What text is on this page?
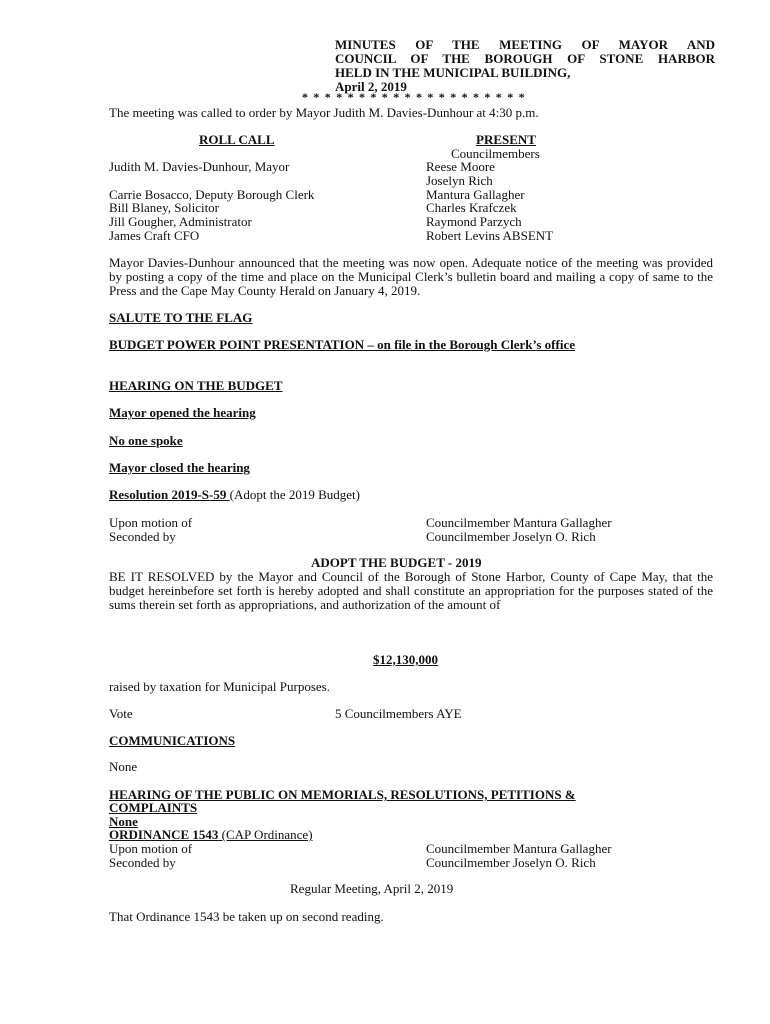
MINUTES OF THE MEETING OF MAYOR AND
COUNCIL OF THE BOROUGH OF STONE HARBOR
HELD IN THE MUNICIPAL BUILDING,
April 2, 2019
* * * * * * * * * * * * * * * * * * * *
The meeting was called to order by Mayor Judith M. Davies-Dunhour at 4:30 p.m.
ROLL CALL	PRESENT
Councilmembers
Judith M. Davies-Dunhour, Mayor
Carrie Bosacco, Deputy Borough Clerk
Bill Blaney, Solicitor
Jill Gougher, Administrator
James Craft CFO
Reese Moore
Joselyn Rich
Mantura Gallagher
Charles Krafczek
Raymond Parzych
Robert Levins ABSENT
Mayor Davies-Dunhour announced that the meeting was now open. Adequate notice of the meeting was provided by posting a copy of the time and place on the Municipal Clerk’s bulletin board and mailing a copy of same to the Press and the Cape May County Herald on January 4, 2019.
SALUTE TO THE FLAG
BUDGET POWER POINT PRESENTATION – on file in the Borough Clerk’s office
HEARING ON THE BUDGET
Mayor opened the hearing
No one spoke
Mayor closed the hearing
Resolution 2019-S-59 (Adopt the 2019 Budget)
Upon motion of	Councilmember Mantura Gallagher
Seconded by	Councilmember Joselyn O. Rich
ADOPT THE BUDGET - 2019
BE IT RESOLVED by the Mayor and Council of the Borough of Stone Harbor, County of Cape May, that the budget hereinbefore set forth is hereby adopted and shall constitute an appropriation for the purposes stated of the sums therein set forth as appropriations, and authorization of the amount of
$12,130,000
raised by taxation for Municipal Purposes.
Vote	5 Councilmembers AYE
COMMUNICATIONS
None
HEARING OF THE PUBLIC ON MEMORIALS, RESOLUTIONS, PETITIONS &
COMPLAINTS
None
ORDINANCE 1543 (CAP Ordinance)
Upon motion of	Councilmember Mantura Gallagher
Seconded by	Councilmember Joselyn O. Rich
Regular Meeting, April 2, 2019
That Ordinance 1543 be taken up on second reading.
